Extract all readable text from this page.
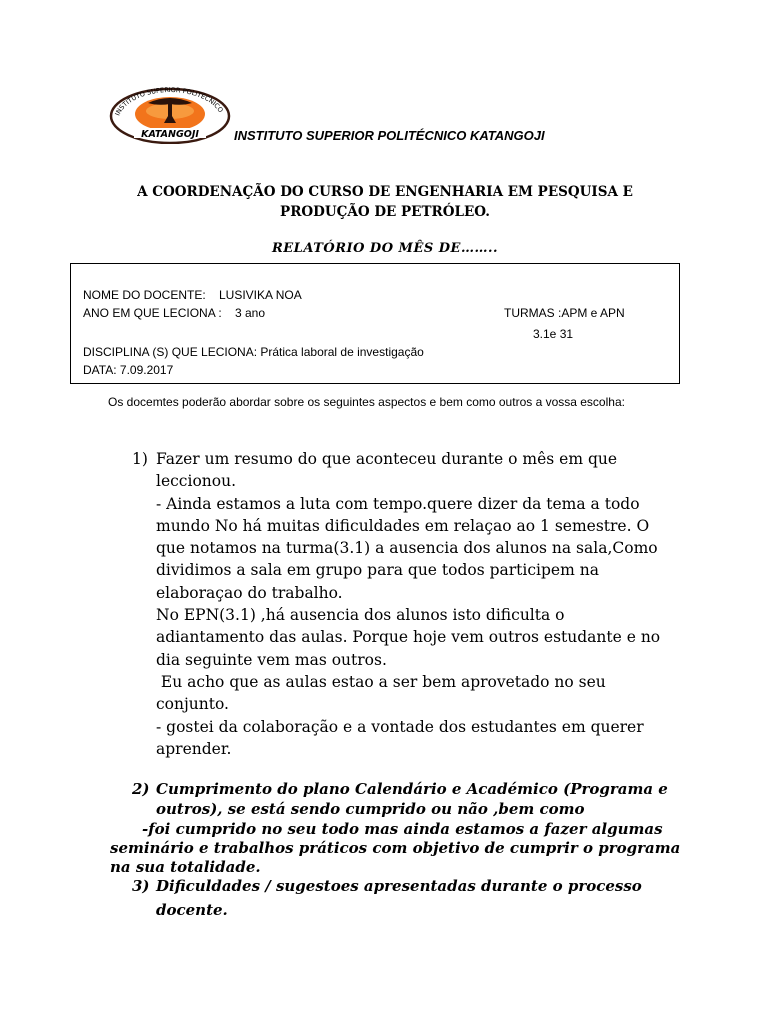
INSTITUTO SUPERIOR POLITÉCNICO
KATANGOJI	INSTITUTO SUPERIOR POLITÉCNICO KATANGOJI
A COORDENAÇÃO DO CURSO DE ENGENHARIA EM PESQUISA E
PRODUÇÃO DE PETRÓLEO.
RELATÓRIO DO MÊS DE……..
NOME DO DOCENTE: LUSIVIKA NOA
ANO EM QUE LECIONA : 3 ano	TURMAS :APM e APN
3.1e 31
DISCIPLINA (S) QUE LECIONA: Prática laboral de investigação
DATA: 7.09.2017
Os docemtes poderão abordar sobre os seguintes aspectos e bem como outros a vossa escolha:
1) Fazer um resumo do que aconteceu durante o mês em que
leccionou.
- Ainda estamos a luta com tempo.quere dizer da tema a todo
mundo No há muitas dificuldades em relaçao ao 1 semestre. O
que notamos na turma(3.1) a ausencia dos alunos na sala,Como
dividimos a sala em grupo para que todos participem na
elaboraçao do trabalho.
No EPN(3.1) ,há ausencia dos alunos isto dificulta o
adiantamento das aulas. Porque hoje vem outros estudante e no
dia seguinte vem mas outros.
Eu acho que as aulas estao a ser bem aprovetado no seu
conjunto.
- gostei da colaboração e a vontade dos estudantes em querer
aprender.
2) Cumprimento do plano Calendário e Académico (Programa e
outros), se está sendo cumprido ou não ,bem como
-foi cumprido no seu todo mas ainda estamos a fazer algumas
seminário e trabalhos práticos com objetivo de cumprir o programa
na sua totalidade.
3) Dificuldades / sugestoes apresentadas durante o processo
docente.
